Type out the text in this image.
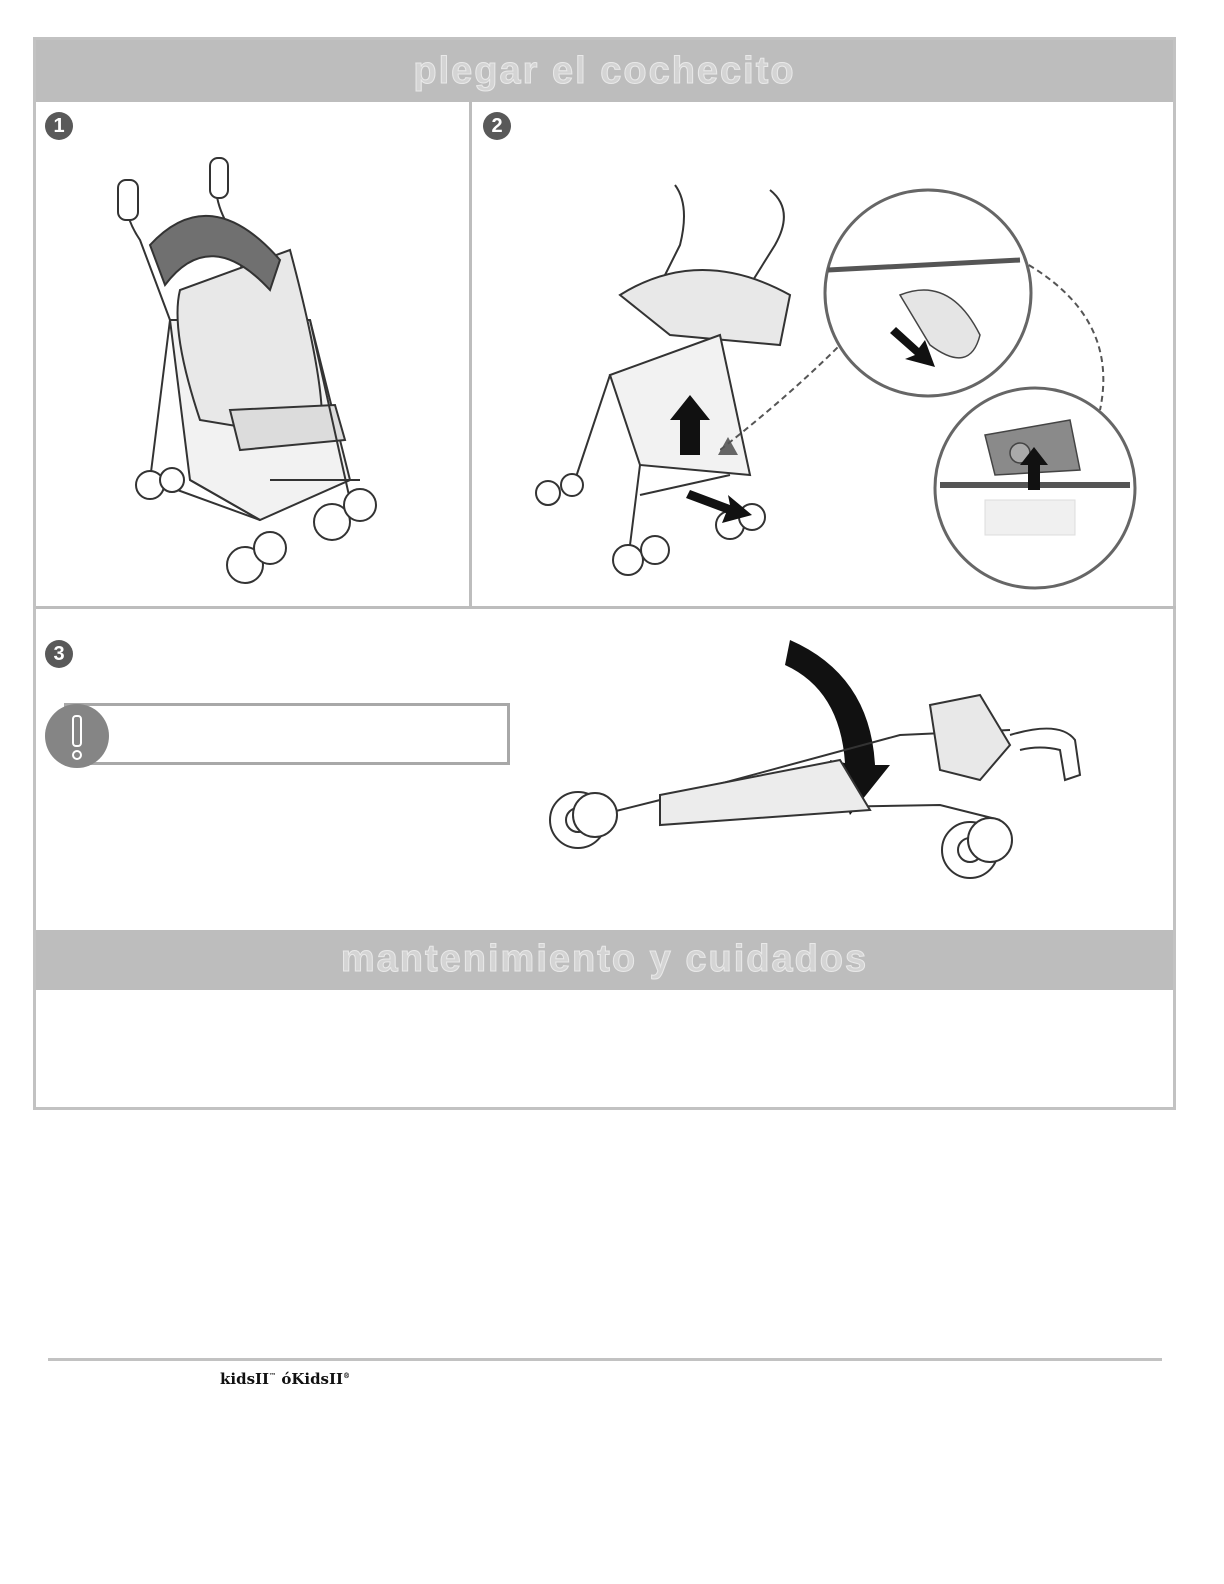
plegar el cochecito
mantenimiento y cuidados
1	2
3
kidsII™ óKidsII®
